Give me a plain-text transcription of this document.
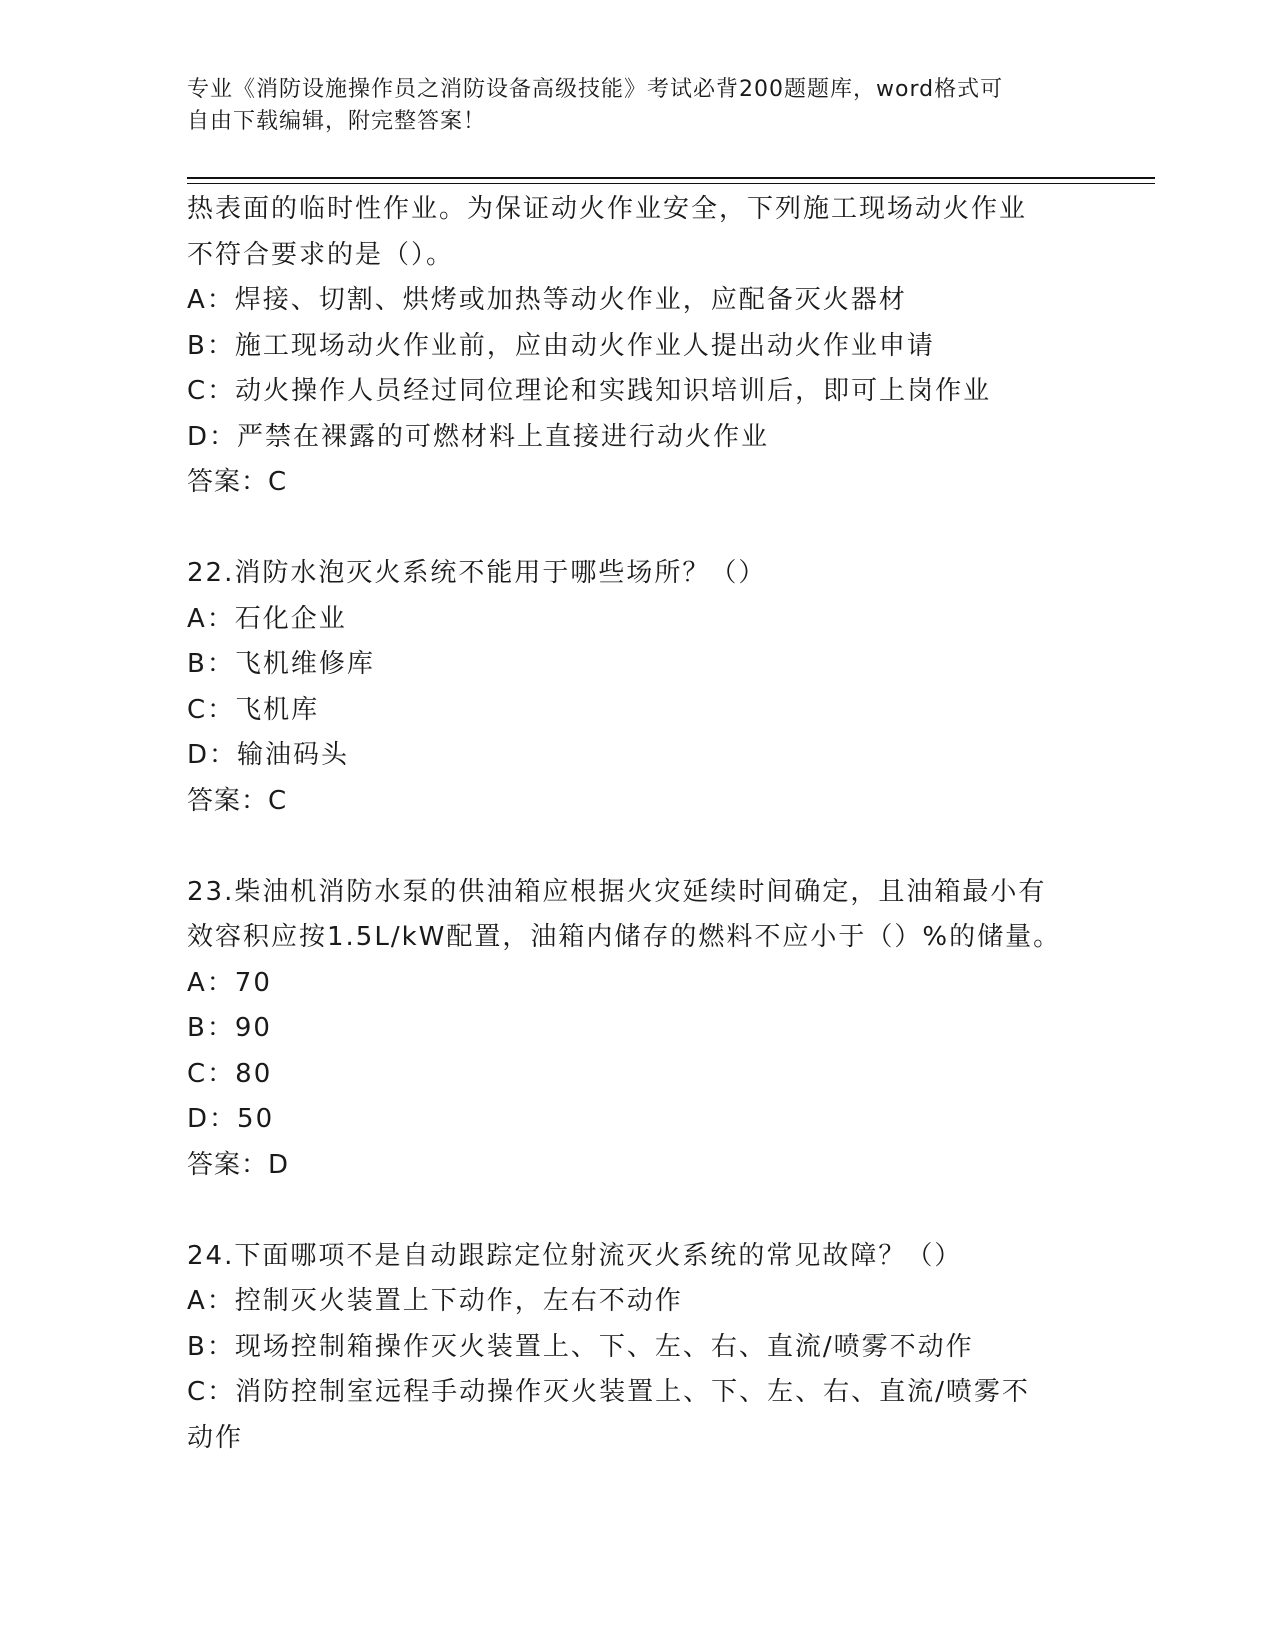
专业《消防设施操作员之消防设备高级技能》考试必背200题题库，word格式可
自由下载编辑，附完整答案！
热表面的临时性作业。为保证动火作业安全，下列施工现场动火作业
不符合要求的是（）。
A：焊接、切割、烘烤或加热等动火作业，应配备灭火器材
B：施工现场动火作业前，应由动火作业人提出动火作业申请
C：动火操作人员经过同位理论和实践知识培训后，即可上岗作业
D：严禁在裸露的可燃材料上直接进行动火作业
答案：C
22.消防水泡灭火系统不能用于哪些场所？（）
A：石化企业
B：飞机维修库
C：飞机库
D：输油码头
答案：C
23.柴油机消防水泵的供油箱应根据火灾延续时间确定，且油箱最小有
效容积应按1.5L/kW配置，油箱内储存的燃料不应小于（）%的储量。
A：70
B：90
C：80
D：50
答案：D
24.下面哪项不是自动跟踪定位射流灭火系统的常见故障？（）
A：控制灭火装置上下动作，左右不动作
B：现场控制箱操作灭火装置上、下、左、右、直流/喷雾不动作
C：消防控制室远程手动操作灭火装置上、下、左、右、直流/喷雾不
动作
